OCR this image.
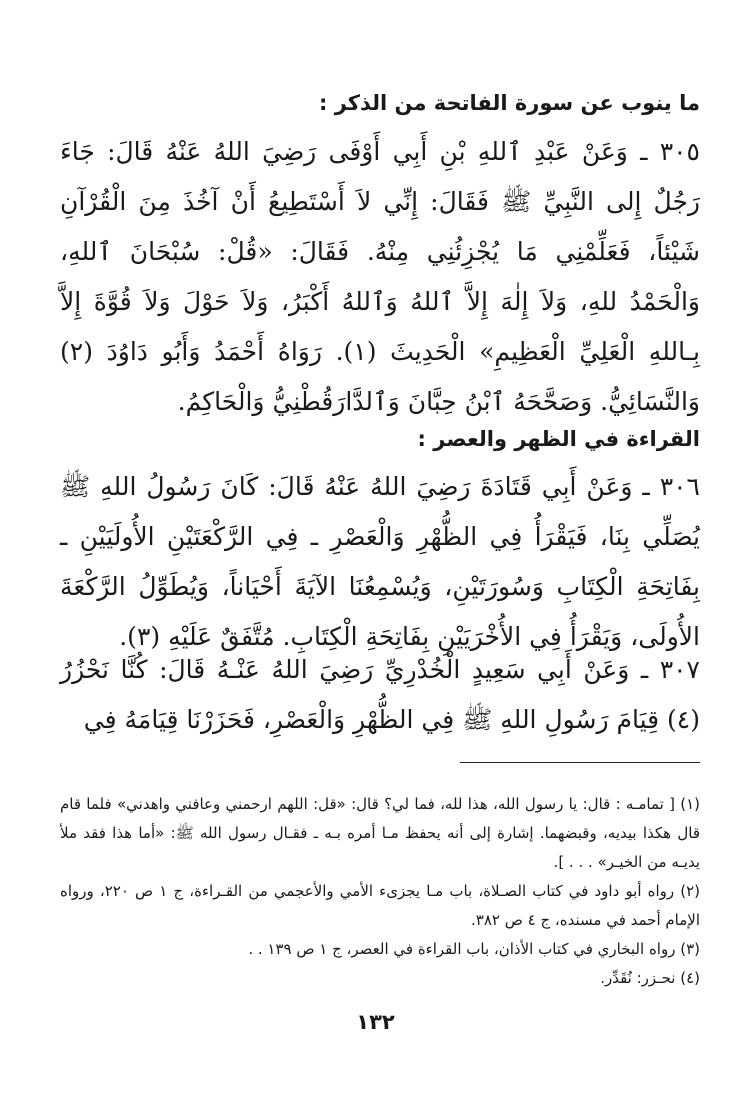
ما ينوب عن سورة الفاتحة من الذكر :

٣٠٥ ـ وَعَنْ عَبْدِ ٱللهِ بْنِ أَبِي أَوْفَى رَضِيَ اللهُ عَنْهُ قَالَ: جَاءَ رَجُلٌ إِلى النَّبِيِّ ﷺ فَقَالَ: إِنِّي لاَ أَسْتَطِيعُ أَنْ آخُذَ مِنَ الْقُرْآنِ شَيْئاً، فَعَلِّمْنِي مَا يُجْزِئُنِي مِنْهُ. فَقَالَ: «قُلْ: سُبْحَانَ ٱللهِ، وَالْحَمْدُ للهِ، وَلاَ إِلٰهَ إِلاَّ ٱللهُ وَٱللهُ أَكْبَرُ، وَلاَ حَوْلَ وَلاَ قُوَّةَ إِلاَّ بِـاللهِ الْعَلِيِّ الْعَظِيمِ» الْحَدِيثَ (١). رَوَاهُ أَحْمَدُ وَأَبُو دَاوُدَ (٢) وَالنَّسَائِيُّ. وَصَحَّحَهُ ٱبْنُ حِبَّانَ وَٱلدَّارَقُطْنِيُّ وَالْحَاكِمُ.

القراءة في الظهر والعصر :

٣٠٦ ـ وَعَنْ أَبِي قَتَادَةَ رَضِيَ اللهُ عَنْهُ قَالَ: كَانَ رَسُولُ اللهِ ﷺ يُصَلِّي بِنَا، فَيَقْرَأُ فِي الظُّهْرِ وَالْعَصْرِ ـ فِي الرَّكْعَتَيْنِ الأُولَيَيْنِ ـ بِفَاتِحَةِ الْكِتَابِ وَسُورَتَيْنِ، وَيُسْمِعُنَا الآيَةَ أَحْيَاناً، وَيُطَوِّلُ الرَّكْعَةَ الأُولَى، وَيَقْرَأُ فِي الأُخْرَيَيْنِ بِفَاتِحَةِ الْكِتَابِ. مُتَّفَقٌ عَلَيْهِ (٣).

٣٠٧ ـ وَعَنْ أَبِي سَعِيدٍ الْخُدْرِيِّ رَضِيَ اللهُ عَنْـهُ قَالَ: كُنَّا نَحْزُرُ (٤) قِيَامَ رَسُولِ اللهِ ﷺ فِي الظُّهْرِ وَالْعَصْرِ، فَحَزَرْنَا قِيَامَهُ فِي

(١) [ تمامـه : قال: يا رسول الله، هذا لله، فما لي؟ قال: «قل: اللهم ارحمني وعافني واهدني» فلما قام قال هكذا بيديه، وقبضهما. إشارة إلى أنه يحفظ مـا أمره بـه ـ فقـال رسول الله ﷺ: «أما هذا فقد ملأ يديـه من الخيـر» . . . ].

(٢) رواه أبو داود في كتاب الصـلاة، باب مـا يجزىء الأمي والأعجمي من القـراءة، ج ١ ص ٢٢٠، ورواه الإمام أحمد في مسنده، ج ٤ ص ٣٨٢.

(٣) رواه البخاري في كتاب الأذان، باب القراءة في العصر، ج ١ ص ١٣٩ . .

(٤) نحـزر: نُقَدِّر.

١٣٢
